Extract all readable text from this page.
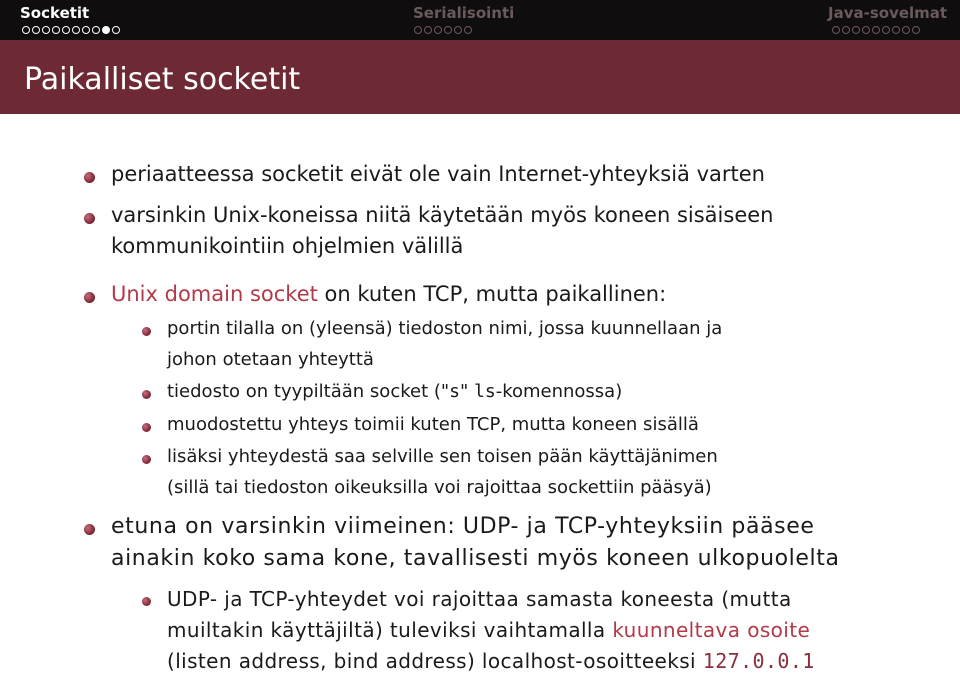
Socketit	Serialisointi	Java-sovelmat
Paikalliset socketit
periaatteessa socketit eivät ole vain Internet-yhteyksiä varten
varsinkin Unix-koneissa niitä käytetään myös koneen sisäiseen
kommunikointiin ohjelmien välillä
Unix domain socket on kuten TCP, mutta paikallinen:
portin tilalla on (yleensä) tiedoston nimi, jossa kuunnellaan ja
johon otetaan yhteyttä
tiedosto on tyypiltään socket ("s" ls-komennossa)
muodostettu yhteys toimii kuten TCP, mutta koneen sisällä
lisäksi yhteydestä saa selville sen toisen pään käyttäjänimen
(sillä tai tiedoston oikeuksilla voi rajoittaa sockettiin pääsyä)
etuna on varsinkin viimeinen: UDP- ja TCP-yhteyksiin pääsee
ainakin koko sama kone, tavallisesti myös koneen ulkopuolelta
UDP- ja TCP-yhteydet voi rajoittaa samasta koneesta (mutta
muiltakin käyttäjiltä) tuleviksi vaihtamalla kuunneltava osoite
(listen address, bind address) localhost-osoitteeksi 127.0.0.1
